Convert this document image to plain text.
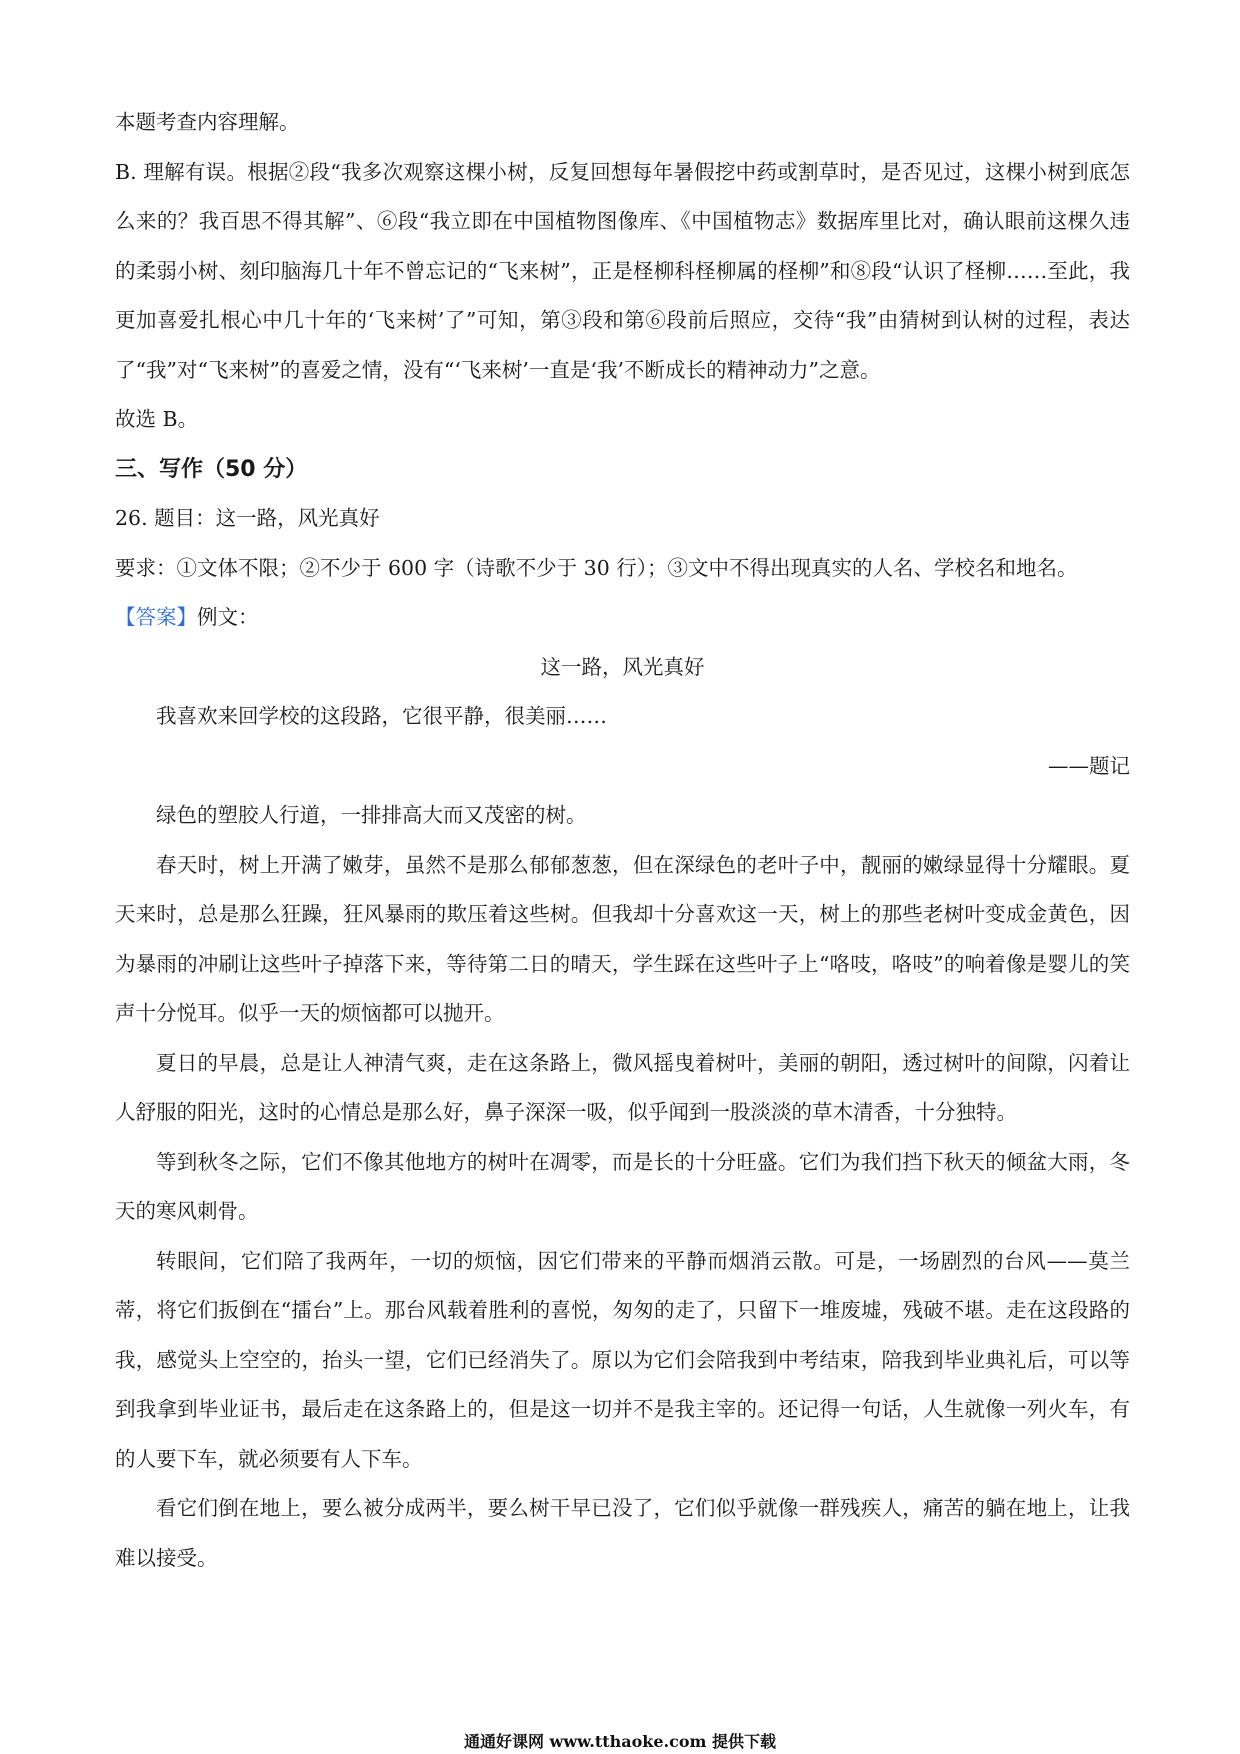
本题考查内容理解。

B. 理解有误。根据②段“我多次观察这棵小树，反复回想每年暑假挖中药或割草时，是否见过，这棵小树到底怎么来的？我百思不得其解”、⑥段“我立即在中国植物图像库、《中国植物志》数据库里比对，确认眼前这棵久违的柔弱小树、刻印脑海几十年不曾忘记的“飞来树”，正是柽柳科柽柳属的柽柳”和⑧段“认识了柽柳……至此，我更加喜爱扎根心中几十年的‘飞来树’了”可知，第③段和第⑥段前后照应，交待“我”由猜树到认树的过程，表达了“我”对“飞来树”的喜爱之情，没有“‘飞来树’一直是‘我’不断成长的精神动力”之意。

故选 B。

三、写作（50 分）

26. 题目：这一路，风光真好

要求：①文体不限；②不少于 600 字（诗歌不少于 30 行）；③文中不得出现真实的人名、学校名和地名。

【答案】例文：

这一路，风光真好

我喜欢来回学校的这段路，它很平静，很美丽……

——题记

绿色的塑胶人行道，一排排高大而又茂密的树。

春天时，树上开满了嫩芽，虽然不是那么郁郁葱葱，但在深绿色的老叶子中，靓丽的嫩绿显得十分耀眼。夏天来时，总是那么狂躁，狂风暴雨的欺压着这些树。但我却十分喜欢这一天，树上的那些老树叶变成金黄色，因为暴雨的冲刷让这些叶子掉落下来，等待第二日的晴天，学生踩在这些叶子上“咯吱，咯吱”的响着像是婴儿的笑声十分悦耳。似乎一天的烦恼都可以抛开。

夏日的早晨，总是让人神清气爽，走在这条路上，微风摇曳着树叶，美丽的朝阳，透过树叶的间隙，闪着让人舒服的阳光，这时的心情总是那么好，鼻子深深一吸，似乎闻到一股淡淡的草木清香，十分独特。

等到秋冬之际，它们不像其他地方的树叶在凋零，而是长的十分旺盛。它们为我们挡下秋天的倾盆大雨，冬天的寒风刺骨。

转眼间，它们陪了我两年，一切的烦恼，因它们带来的平静而烟消云散。可是，一场剧烈的台风——莫兰蒂，将它们扳倒在“擂台”上。那台风载着胜利的喜悦，匆匆的走了，只留下一堆废墟，残破不堪。走在这段路的我，感觉头上空空的，抬头一望，它们已经消失了。原以为它们会陪我到中考结束，陪我到毕业典礼后，可以等到我拿到毕业证书，最后走在这条路上的，但是这一切并不是我主宰的。还记得一句话，人生就像一列火车，有的人要下车，就必须要有人下车。

看它们倒在地上，要么被分成两半，要么树干早已没了，它们似乎就像一群残疾人，痛苦的躺在地上，让我难以接受。

通通好课网 www.tthaoke.com 提供下载
